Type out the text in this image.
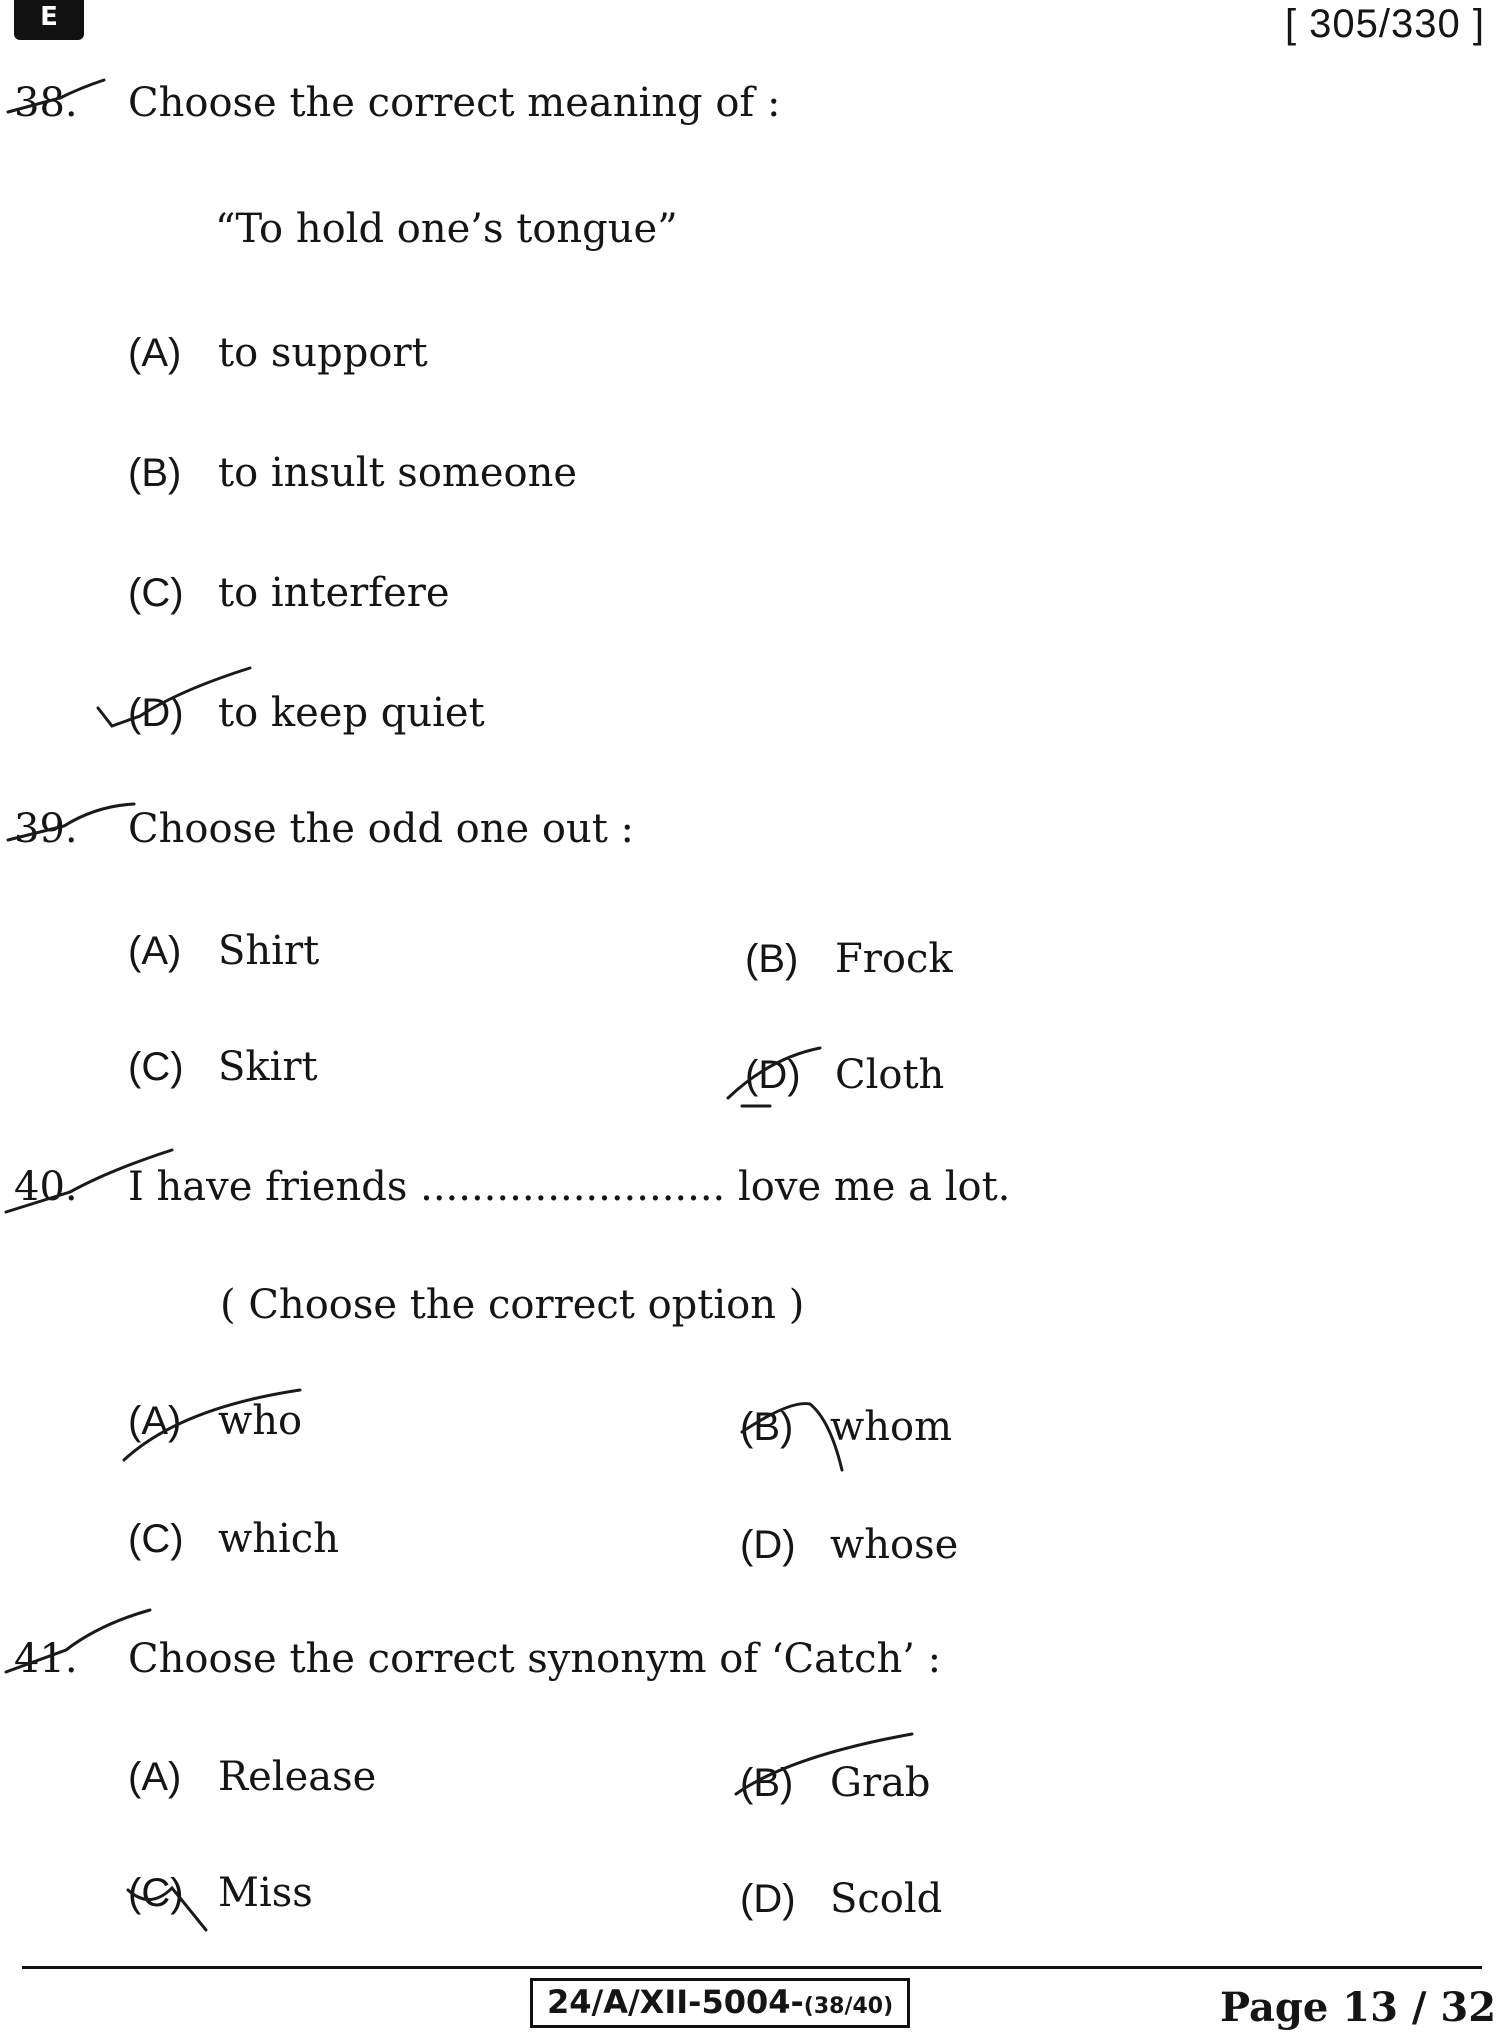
E	[ 305/330 ]
38. Choose the correct meaning of :
“To hold one’s tongue”
(A) to support
(B) to insult someone
(C) to interfere
(D) to keep quiet
39. Choose the odd one out :
(A) Shirt	(B) Frock
(C) Skirt	(D) Cloth
40. I have friends ........................ love me a lot.
( Choose the correct option )
(A) who	(B) whom
(C) which	(D) whose
41. Choose the correct synonym of ‘Catch’ :
(A) Release	(B) Grab
(C) Miss	(D) Scold
24/A/XII-5004-(38/40)	Page 13 / 32
